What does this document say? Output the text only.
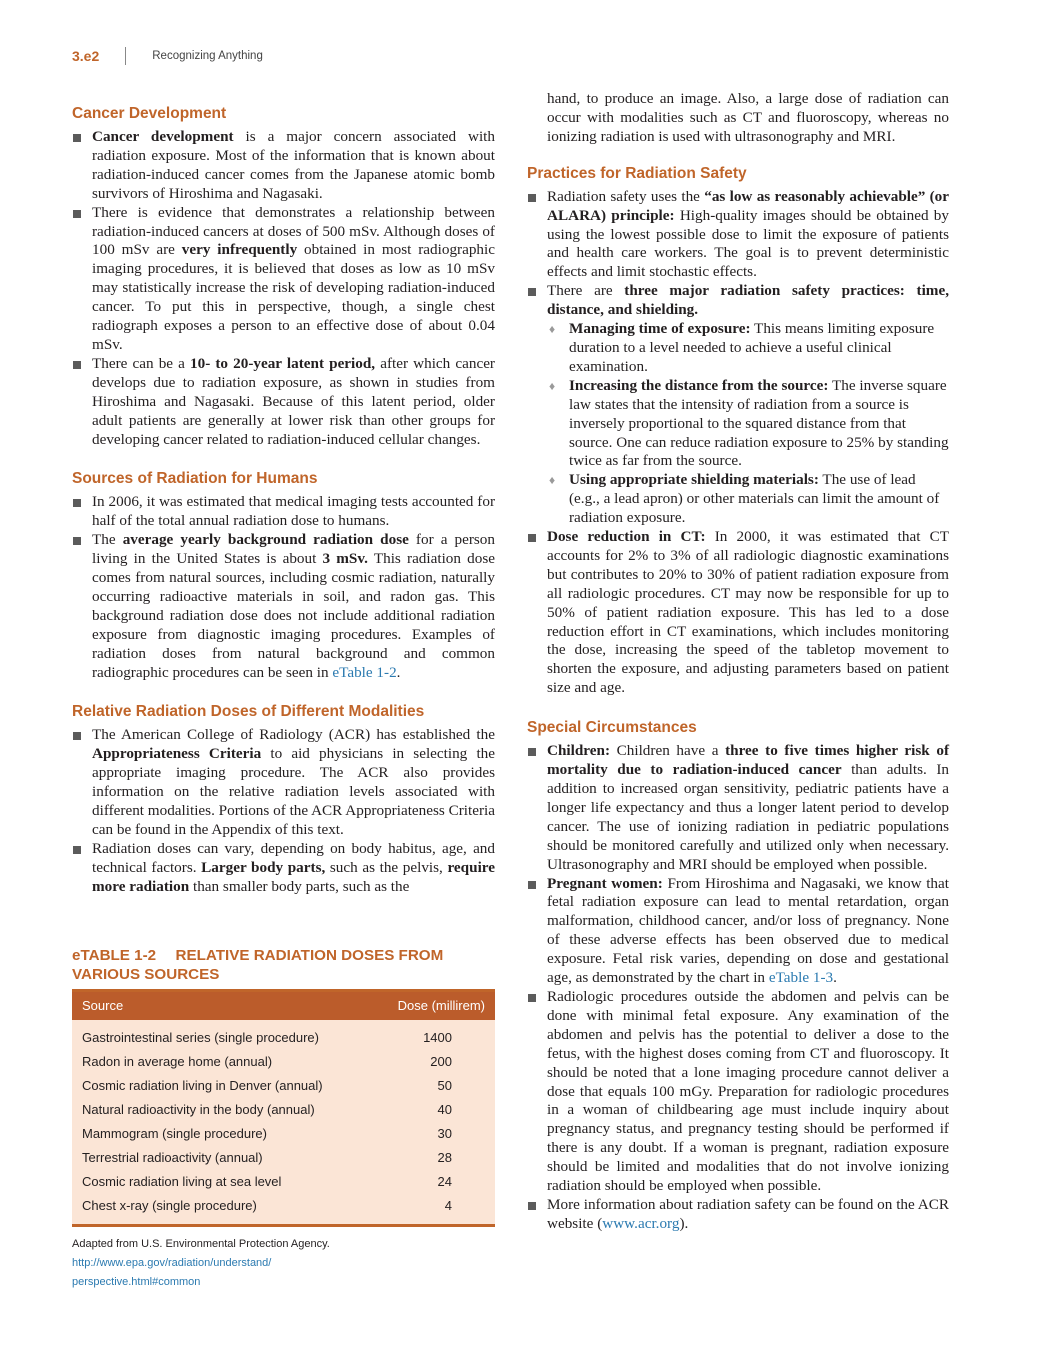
3.e2	Recognizing Anything
Cancer Development
Cancer development is a major concern associated with radiation exposure. Most of the information that is known about radiation-induced cancer comes from the Japanese atomic bomb survivors of Hiroshima and Nagasaki.
There is evidence that demonstrates a relationship between radiation-induced cancers at doses of 500 mSv. Although doses of 100 mSv are very infrequently obtained in most radiographic imaging procedures, it is believed that doses as low as 10 mSv may statistically increase the risk of developing radiation-induced cancer. To put this in perspective, though, a single chest radiograph exposes a person to an effective dose of about 0.04 mSv.
There can be a 10- to 20-year latent period, after which cancer develops due to radiation exposure, as shown in studies from Hiroshima and Nagasaki. Because of this latent period, older adult patients are generally at lower risk than other groups for developing cancer related to radiation-induced cellular changes.
Sources of Radiation for Humans
In 2006, it was estimated that medical imaging tests accounted for half of the total annual radiation dose to humans.
The average yearly background radiation dose for a person living in the United States is about 3 mSv. This radiation dose comes from natural sources, including cosmic radiation, naturally occurring radioactive materials in soil, and radon gas. This background radiation dose does not include additional radiation exposure from diagnostic imaging procedures. Examples of radiation doses from natural background and common radiographic procedures can be seen in eTable 1-2.
Relative Radiation Doses of Different Modalities
The American College of Radiology (ACR) has established the Appropriateness Criteria to aid physicians in selecting the appropriate imaging procedure. The ACR also provides information on the relative radiation levels associated with different modalities. Portions of the ACR Appropriateness Criteria can be found in the Appendix of this text.
Radiation doses can vary, depending on body habitus, age, and technical factors. Larger body parts, such as the pelvis, require more radiation than smaller body parts, such as the

eTABLE 1-2  RELATIVE RADIATION DOSES FROM

VARIOUS SOURCES

Source	Dose (millirem)

Gastrointestinal series (single procedure)	1400
Radon in average home (annual)	200
Cosmic radiation living in Denver (annual)	50
Natural radioactivity in the body (annual)	40
Mammogram (single procedure)	30
Terrestrial radioactivity (annual)	28
Cosmic radiation living at sea level	24
Chest x-ray (single procedure)	4

Adapted from U.S. Environmental Protection Agency. http://www.epa.gov/radiation/understand/
perspective.html#common

hand, to produce an image. Also, a large dose of radiation can occur with modalities such as CT and fluoroscopy, whereas no ionizing radiation is used with ultrasonography and MRI.

Practices for Radiation Safety
Radiation safety uses the “as low as reasonably achievable” (or ALARA) principle: High-quality images should be obtained by using the lowest possible dose to limit the exposure of patients and health care workers. The goal is to prevent deterministic effects and limit stochastic effects.
There are three major radiation safety practices: time, distance, and shielding.
♦ Managing time of exposure: This means limiting exposure duration to a level needed to achieve a useful clinical examination.
♦ Increasing the distance from the source: The inverse square law states that the intensity of radiation from a source is inversely proportional to the squared distance from that source. One can reduce radiation exposure to 25% by standing twice as far from the source.
♦ Using appropriate shielding materials: The use of lead (e.g., a lead apron) or other materials can limit the amount of radiation exposure.
Dose reduction in CT: In 2000, it was estimated that CT accounts for 2% to 3% of all radiologic diagnostic examinations but contributes to 20% to 30% of patient radiation exposure from all radiologic procedures. CT may now be responsible for up to 50% of patient radiation exposure. This has led to a dose reduction effort in CT examinations, which includes monitoring the dose, increasing the speed of the tabletop movement to shorten the exposure, and adjusting parameters based on patient size and age.
Special Circumstances
Children: Children have a three to five times higher risk of mortality due to radiation-induced cancer than adults. In addition to increased organ sensitivity, pediatric patients have a longer life expectancy and thus a longer latent period to develop cancer. The use of ionizing radiation in pediatric populations should be monitored carefully and utilized only when necessary. Ultrasonography and MRI should be employed when possible.
Pregnant women: From Hiroshima and Nagasaki, we know that fetal radiation exposure can lead to mental retardation, organ malformation, childhood cancer, and/or loss of pregnancy. None of these adverse effects has been observed due to medical exposure. Fetal risk varies, depending on dose and gestational age, as demonstrated by the chart in eTable 1-3.
Radiologic procedures outside the abdomen and pelvis can be done with minimal fetal exposure. Any examination of the abdomen and pelvis has the potential to deliver a dose to the fetus, with the highest doses coming from CT and fluoroscopy. It should be noted that a lone imaging procedure cannot deliver a dose that equals 100 mGy. Preparation for radiologic procedures in a woman of childbearing age must include inquiry about pregnancy status, and pregnancy testing should be performed if there is any doubt. If a woman is pregnant, radiation exposure should be limited and modalities that do not involve ionizing radiation should be employed when possible.
More information about radiation safety can be found on the ACR website (www.acr.org).
